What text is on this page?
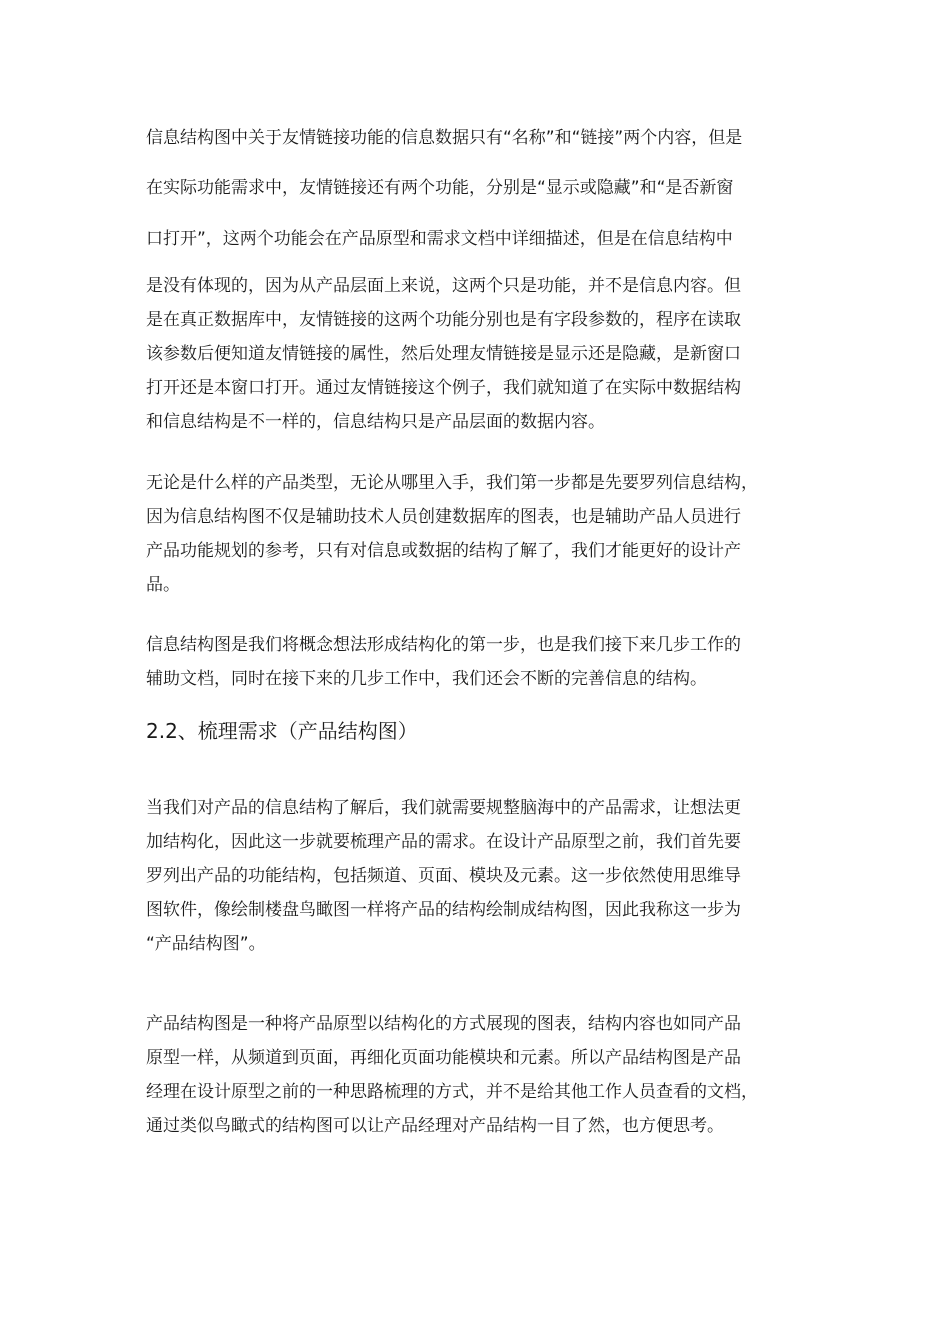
信息结构图中关于友情链接功能的信息数据只有“名称”和“链接”两个内容，但是
在实际功能需求中，友情链接还有两个功能，分别是“显示或隐藏”和“是否新窗
口打开”，这两个功能会在产品原型和需求文档中详细描述，但是在信息结构中
是没有体现的，因为从产品层面上来说，这两个只是功能，并不是信息内容。但
是在真正数据库中，友情链接的这两个功能分别也是有字段参数的，程序在读取
该参数后便知道友情链接的属性，然后处理友情链接是显示还是隐藏，是新窗口
打开还是本窗口打开。通过友情链接这个例子，我们就知道了在实际中数据结构
和信息结构是不一样的，信息结构只是产品层面的数据内容。
无论是什么样的产品类型，无论从哪里入手，我们第一步都是先要罗列信息结构，
因为信息结构图不仅是辅助技术人员创建数据库的图表，也是辅助产品人员进行
产品功能规划的参考，只有对信息或数据的结构了解了，我们才能更好的设计产
品。
信息结构图是我们将概念想法形成结构化的第一步，也是我们接下来几步工作的
辅助文档，同时在接下来的几步工作中，我们还会不断的完善信息的结构。
2.2、梳理需求（产品结构图）
当我们对产品的信息结构了解后，我们就需要规整脑海中的产品需求，让想法更
加结构化，因此这一步就要梳理产品的需求。在设计产品原型之前，我们首先要
罗列出产品的功能结构，包括频道、页面、模块及元素。这一步依然使用思维导
图软件，像绘制楼盘鸟瞰图一样将产品的结构绘制成结构图，因此我称这一步为
“产品结构图”。
产品结构图是一种将产品原型以结构化的方式展现的图表，结构内容也如同产品
原型一样，从频道到页面，再细化页面功能模块和元素。所以产品结构图是产品
经理在设计原型之前的一种思路梳理的方式，并不是给其他工作人员查看的文档，
通过类似鸟瞰式的结构图可以让产品经理对产品结构一目了然，也方便思考。
